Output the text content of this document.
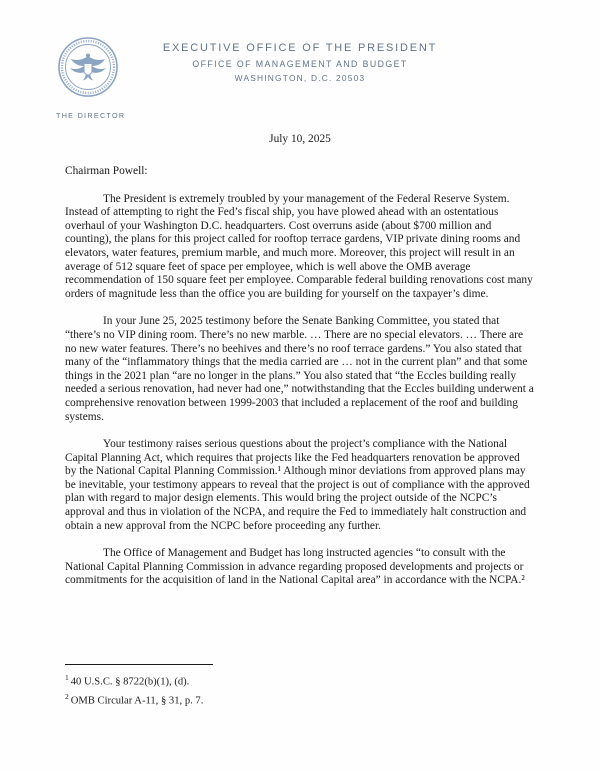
EXECUTIVE OFFICE OF THE PRESIDENT
OFFICE OF MANAGEMENT AND BUDGET
WASHINGTON, D.C. 20503
THE DIRECTOR
July 10, 2025
Chairman Powell:

The President is extremely troubled by your management of the Federal Reserve System. Instead of attempting to right the Fed’s fiscal ship, you have plowed ahead with an ostentatious overhaul of your Washington D.C. headquarters. Cost overruns aside (about $700 million and counting), the plans for this project called for rooftop terrace gardens, VIP private dining rooms and elevators, water features, premium marble, and much more. Moreover, this project will result in an average of 512 square feet of space per employee, which is well above the OMB average recommendation of 150 square feet per employee. Comparable federal building renovations cost many orders of magnitude less than the office you are building for yourself on the taxpayer’s dime.

In your June 25, 2025 testimony before the Senate Banking Committee, you stated that “there’s no VIP dining room. There’s no new marble. … There are no special elevators. … There are no new water features. There’s no beehives and there’s no roof terrace gardens.” You also stated that many of the “inflammatory things that the media carried are … not in the current plan” and that some things in the 2021 plan “are no longer in the plans.” You also stated that “the Eccles building really needed a serious renovation, had never had one,” notwithstanding that the Eccles building underwent a comprehensive renovation between 1999-2003 that included a replacement of the roof and building systems.

Your testimony raises serious questions about the project’s compliance with the National Capital Planning Act, which requires that projects like the Fed headquarters renovation be approved by the National Capital Planning Commission.¹ Although minor deviations from approved plans may be inevitable, your testimony appears to reveal that the project is out of compliance with the approved plan with regard to major design elements. This would bring the project outside of the NCPC’s approval and thus in violation of the NCPA, and require the Fed to immediately halt construction and obtain a new approval from the NCPC before proceeding any further.

The Office of Management and Budget has long instructed agencies “to consult with the National Capital Planning Commission in advance regarding proposed developments and projects or commitments for the acquisition of land in the National Capital area” in accordance with the NCPA.²

$^1$ 40 U.S.C. § 8722(b)(1), (d).
$^2$ OMB Circular A-11, § 31, p. 7.
